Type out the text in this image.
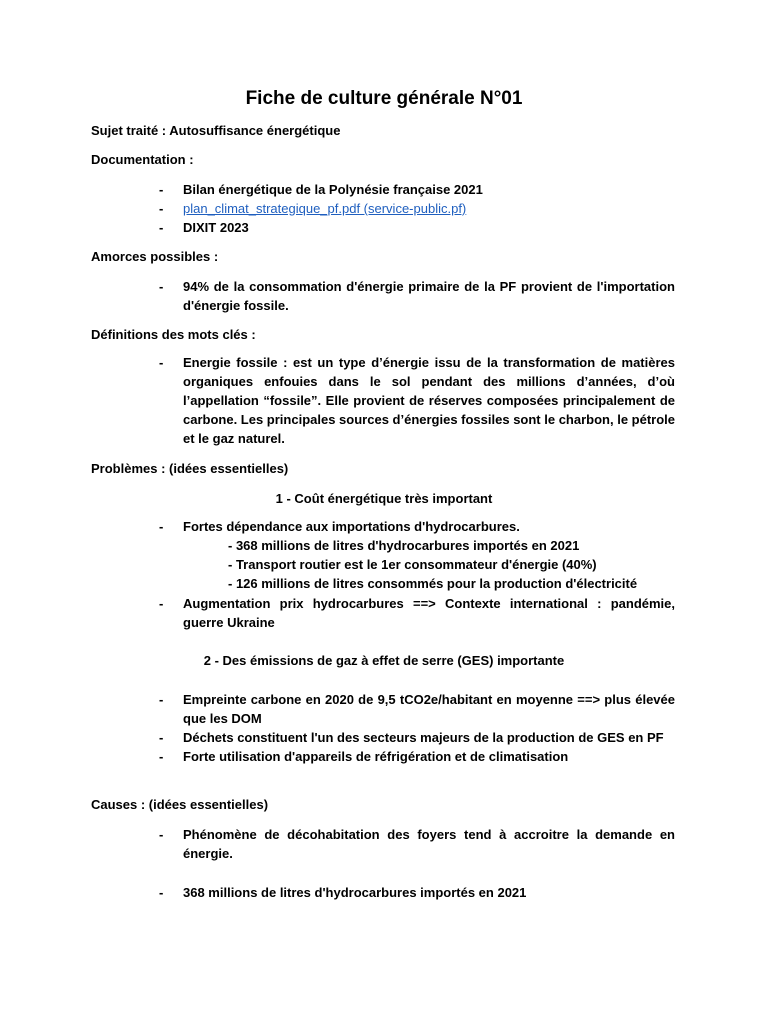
Fiche de culture générale N°01
Sujet traité : Autosuffisance énergétique
Documentation :
- Bilan énergétique de la Polynésie française 2021
- plan_climat_strategique_pf.pdf (service-public.pf)
- DIXIT 2023
Amorces possibles :
- 94% de la consommation d'énergie primaire de la PF provient de l'importation d'énergie fossile.
Définitions des mots clés :
- Energie fossile : est un type d’énergie issu de la transformation de matières organiques enfouies dans le sol pendant des millions d’années, d’où l’appellation “fossile”. Elle provient de réserves composées principalement de carbone. Les principales sources d’énergies fossiles sont le charbon, le pétrole et le gaz naturel.
Problèmes : (idées essentielles)
1 - Coût énergétique très important
- Fortes dépendance aux importations d'hydrocarbures.
- 368 millions de litres d'hydrocarbures importés en 2021
- Transport routier est le 1er consommateur d'énergie (40%)
- 126 millions de litres consommés pour la production d'électricité
- Augmentation prix hydrocarbures ==> Contexte international : pandémie, guerre Ukraine
2 - Des émissions de gaz à effet de serre (GES) importante
- Empreinte carbone en 2020 de 9,5 tCO2e/habitant en moyenne ==> plus élevée que les DOM
- Déchets constituent l'un des secteurs majeurs de la production de GES en PF
- Forte utilisation d'appareils de réfrigération et de climatisation
Causes : (idées essentielles)
- Phénomène de décohabitation des foyers tend à accroitre la demande en énergie.
- 368 millions de litres d'hydrocarbures importés en 2021
